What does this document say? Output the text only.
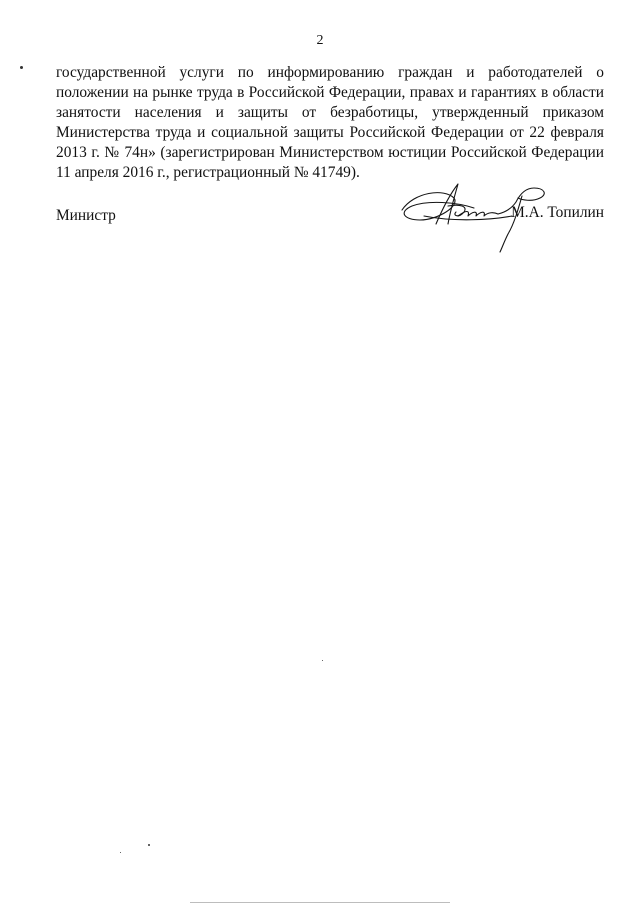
2

государственной услуги по информированию граждан и работодателей о положении на рынке труда в Российской Федерации, правах и гарантиях в области занятости населения и защиты от безработицы, утвержденный приказом Министерства труда и социальной защиты Российской Федерации от 22 февраля 2013 г. № 74н» (зарегистрирован Министерством юстиции Российской Федерации 11 апреля 2016 г., регистрационный № 41749).

Министр	М.А. Топилин
